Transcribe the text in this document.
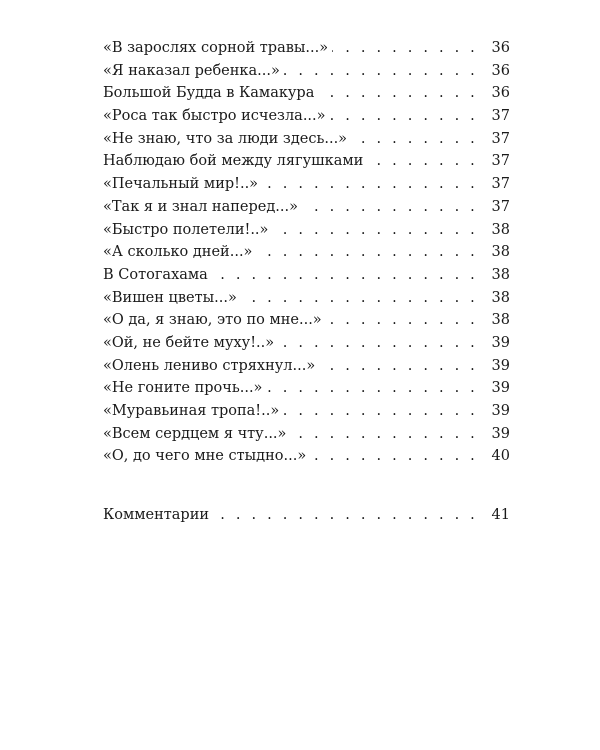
«В зарослях сорной травы...» . . .	36
«Я наказал ребенка...» . . .	36
Большой Будда в Камакура . . .	36
«Роса так быстро исчезла...» . . .	37
«Не знаю, что за люди здесь...» . . .	37
Наблюдаю бой между лягушками . . .	37
«Печальный мир!..» . . .	37
«Так я и знал наперед...» . . .	37
«Быстро полетели!..» . . .	38
«А сколько дней...» . . .	38
В Сотогахама . . .	38
«Вишен цветы...» . . .	38
«О да, я знаю, это по мне...» . . .	38
«Ой, не бейте муху!..» . . .	39
«Олень лениво стряхнул...» . . .	39
«Не гоните прочь...» . . .	39
«Муравьиная тропа!..» . . .	39
«Всем сердцем я чту...» . . .	39
«О, до чего мне стыдно...» . . .	40
Комментарии . . .	41
